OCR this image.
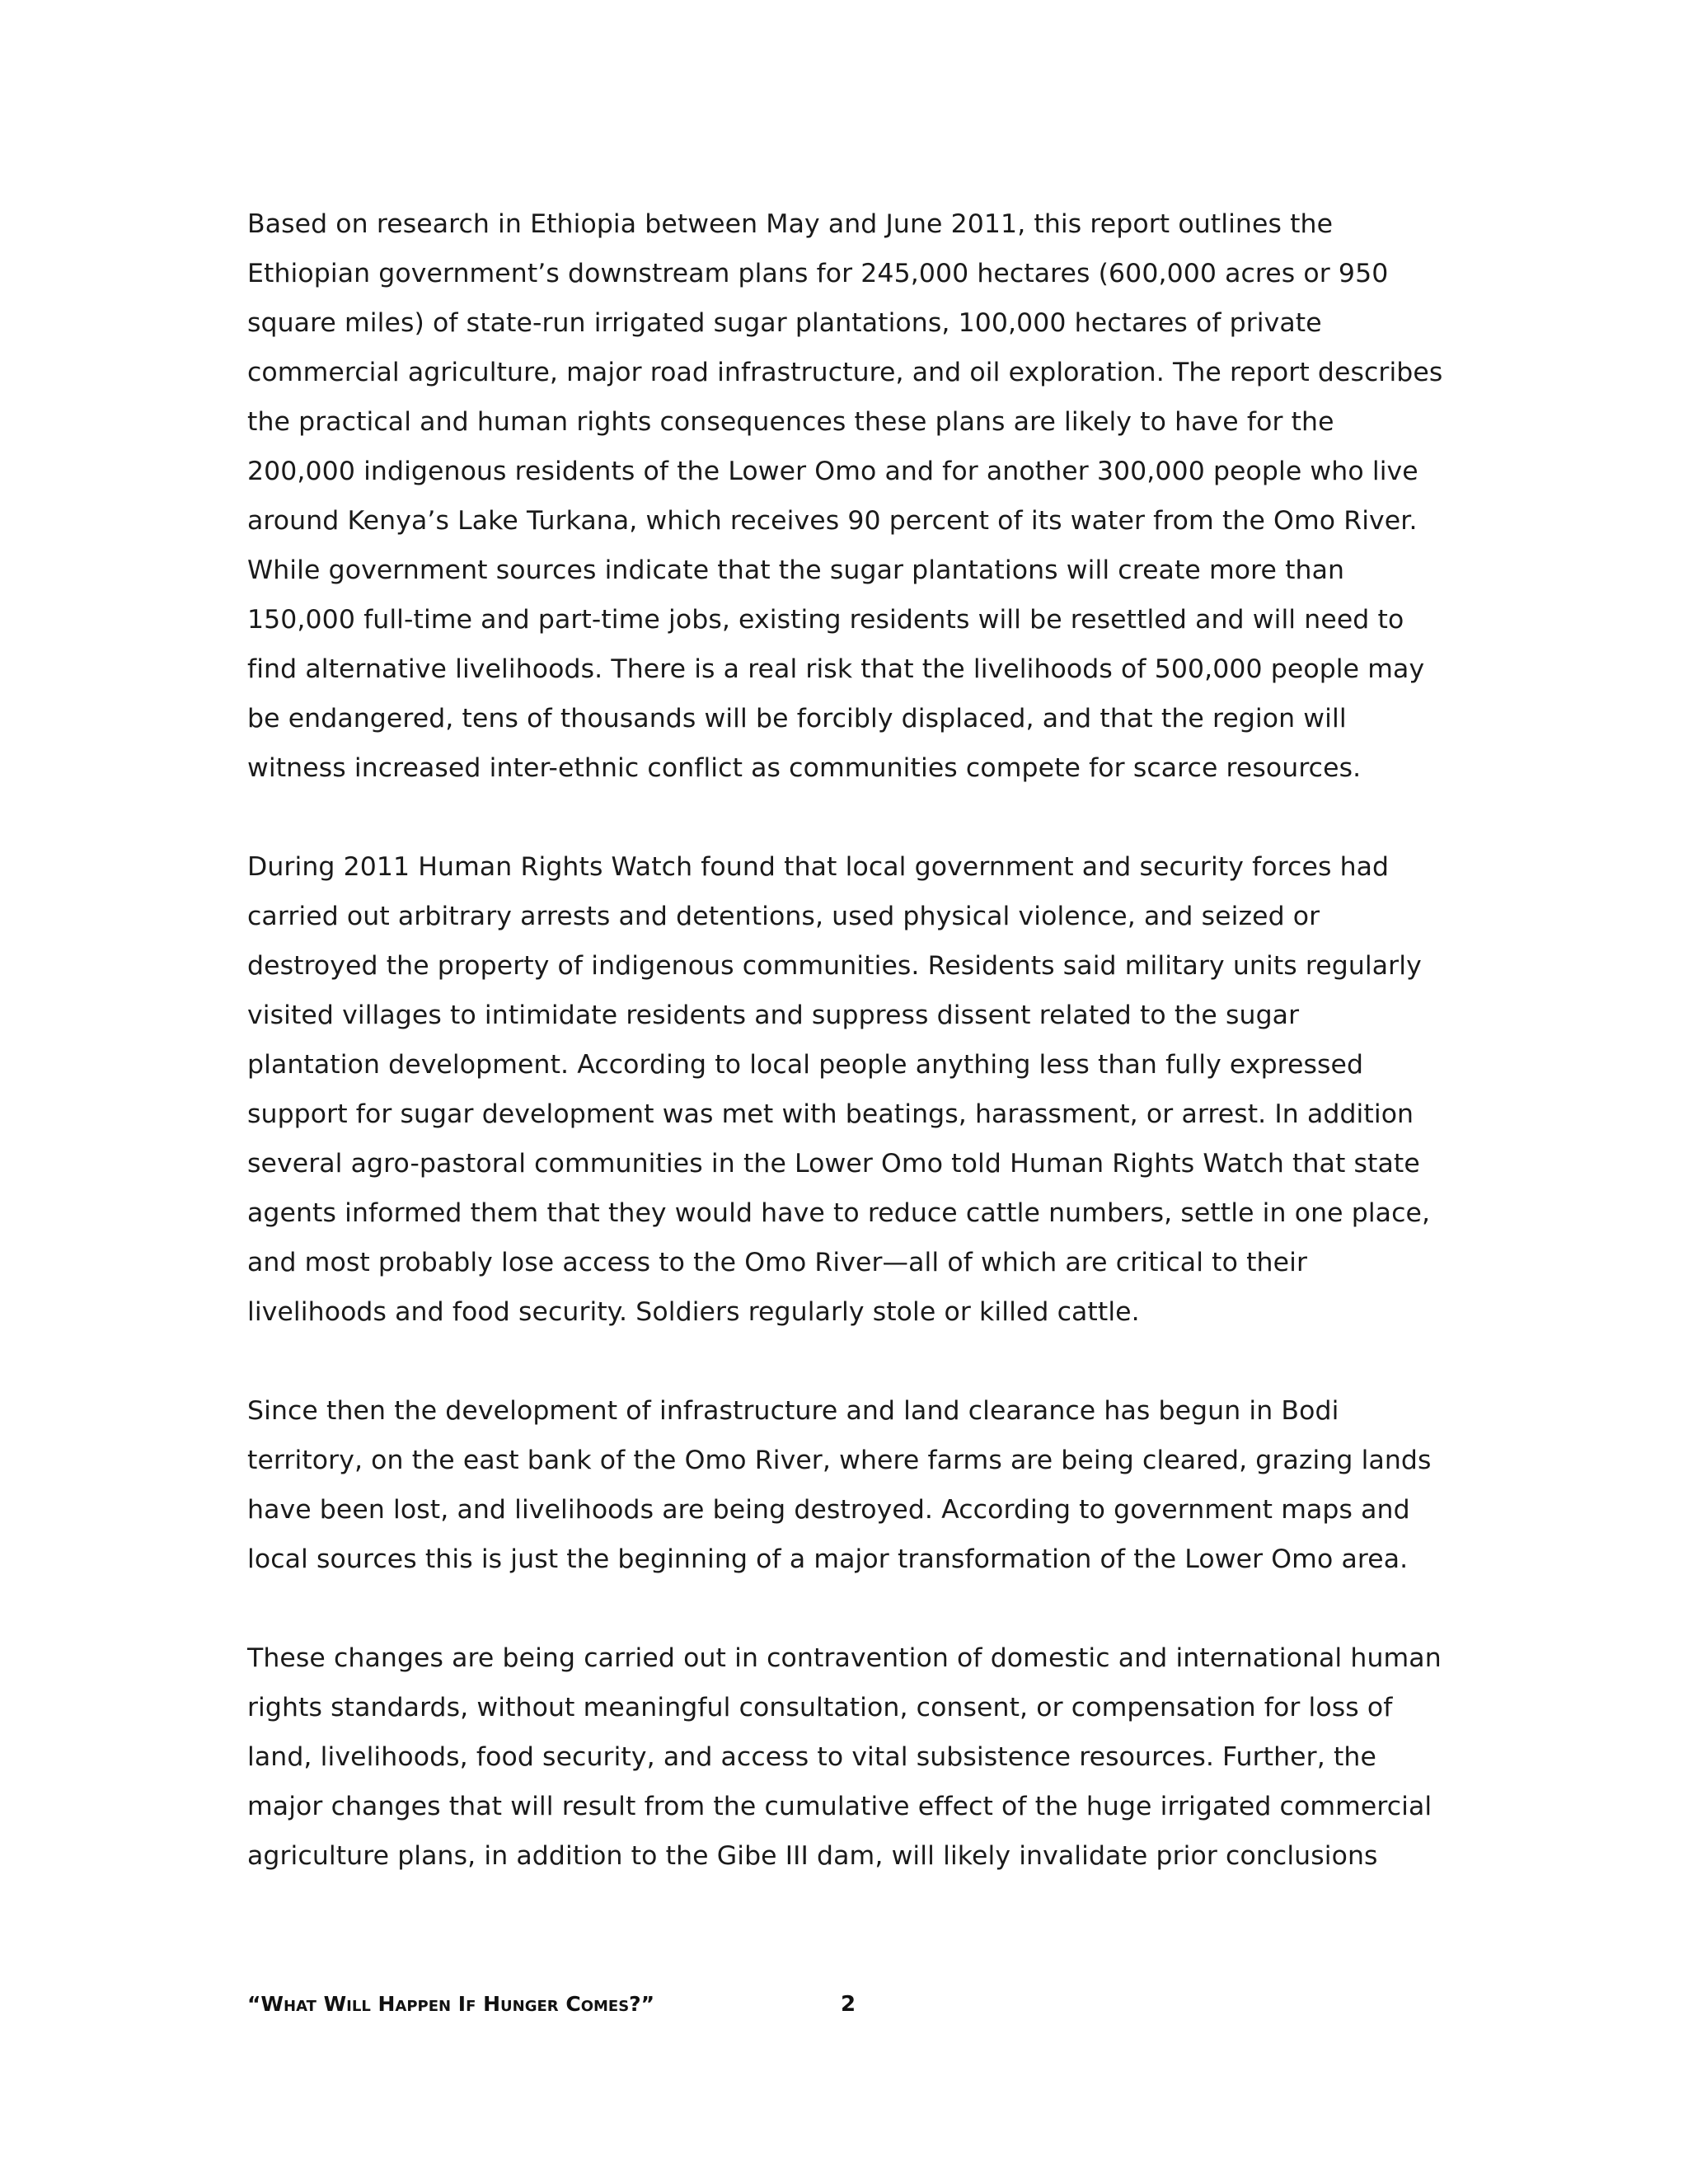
Based on research in Ethiopia between May and June 2011, this report outlines the
Ethiopian government’s downstream plans for 245,000 hectares (600,000 acres or 950
square miles) of state-run irrigated sugar plantations, 100,000 hectares of private
commercial agriculture, major road infrastructure, and oil exploration. The report describes
the practical and human rights consequences these plans are likely to have for the
200,000 indigenous residents of the Lower Omo and for another 300,000 people who live
around Kenya’s Lake Turkana, which receives 90 percent of its water from the Omo River.
While government sources indicate that the sugar plantations will create more than
150,000 full-time and part-time jobs, existing residents will be resettled and will need to
find alternative livelihoods. There is a real risk that the livelihoods of 500,000 people may
be endangered, tens of thousands will be forcibly displaced, and that the region will
witness increased inter-ethnic conflict as communities compete for scarce resources.
During 2011 Human Rights Watch found that local government and security forces had
carried out arbitrary arrests and detentions, used physical violence, and seized or
destroyed the property of indigenous communities. Residents said military units regularly
visited villages to intimidate residents and suppress dissent related to the sugar
plantation development. According to local people anything less than fully expressed
support for sugar development was met with beatings, harassment, or arrest. In addition
several agro-pastoral communities in the Lower Omo told Human Rights Watch that state
agents informed them that they would have to reduce cattle numbers, settle in one place,
and most probably lose access to the Omo River—all of which are critical to their
livelihoods and food security. Soldiers regularly stole or killed cattle.
Since then the development of infrastructure and land clearance has begun in Bodi
territory, on the east bank of the Omo River, where farms are being cleared, grazing lands
have been lost, and livelihoods are being destroyed. According to government maps and
local sources this is just the beginning of a major transformation of the Lower Omo area.
These changes are being carried out in contravention of domestic and international human
rights standards, without meaningful consultation, consent, or compensation for loss of
land, livelihoods, food security, and access to vital subsistence resources. Further, the
major changes that will result from the cumulative effect of the huge irrigated commercial
agriculture plans, in addition to the Gibe III dam, will likely invalidate prior conclusions
“What Will Happen If Hunger Comes?”	2
